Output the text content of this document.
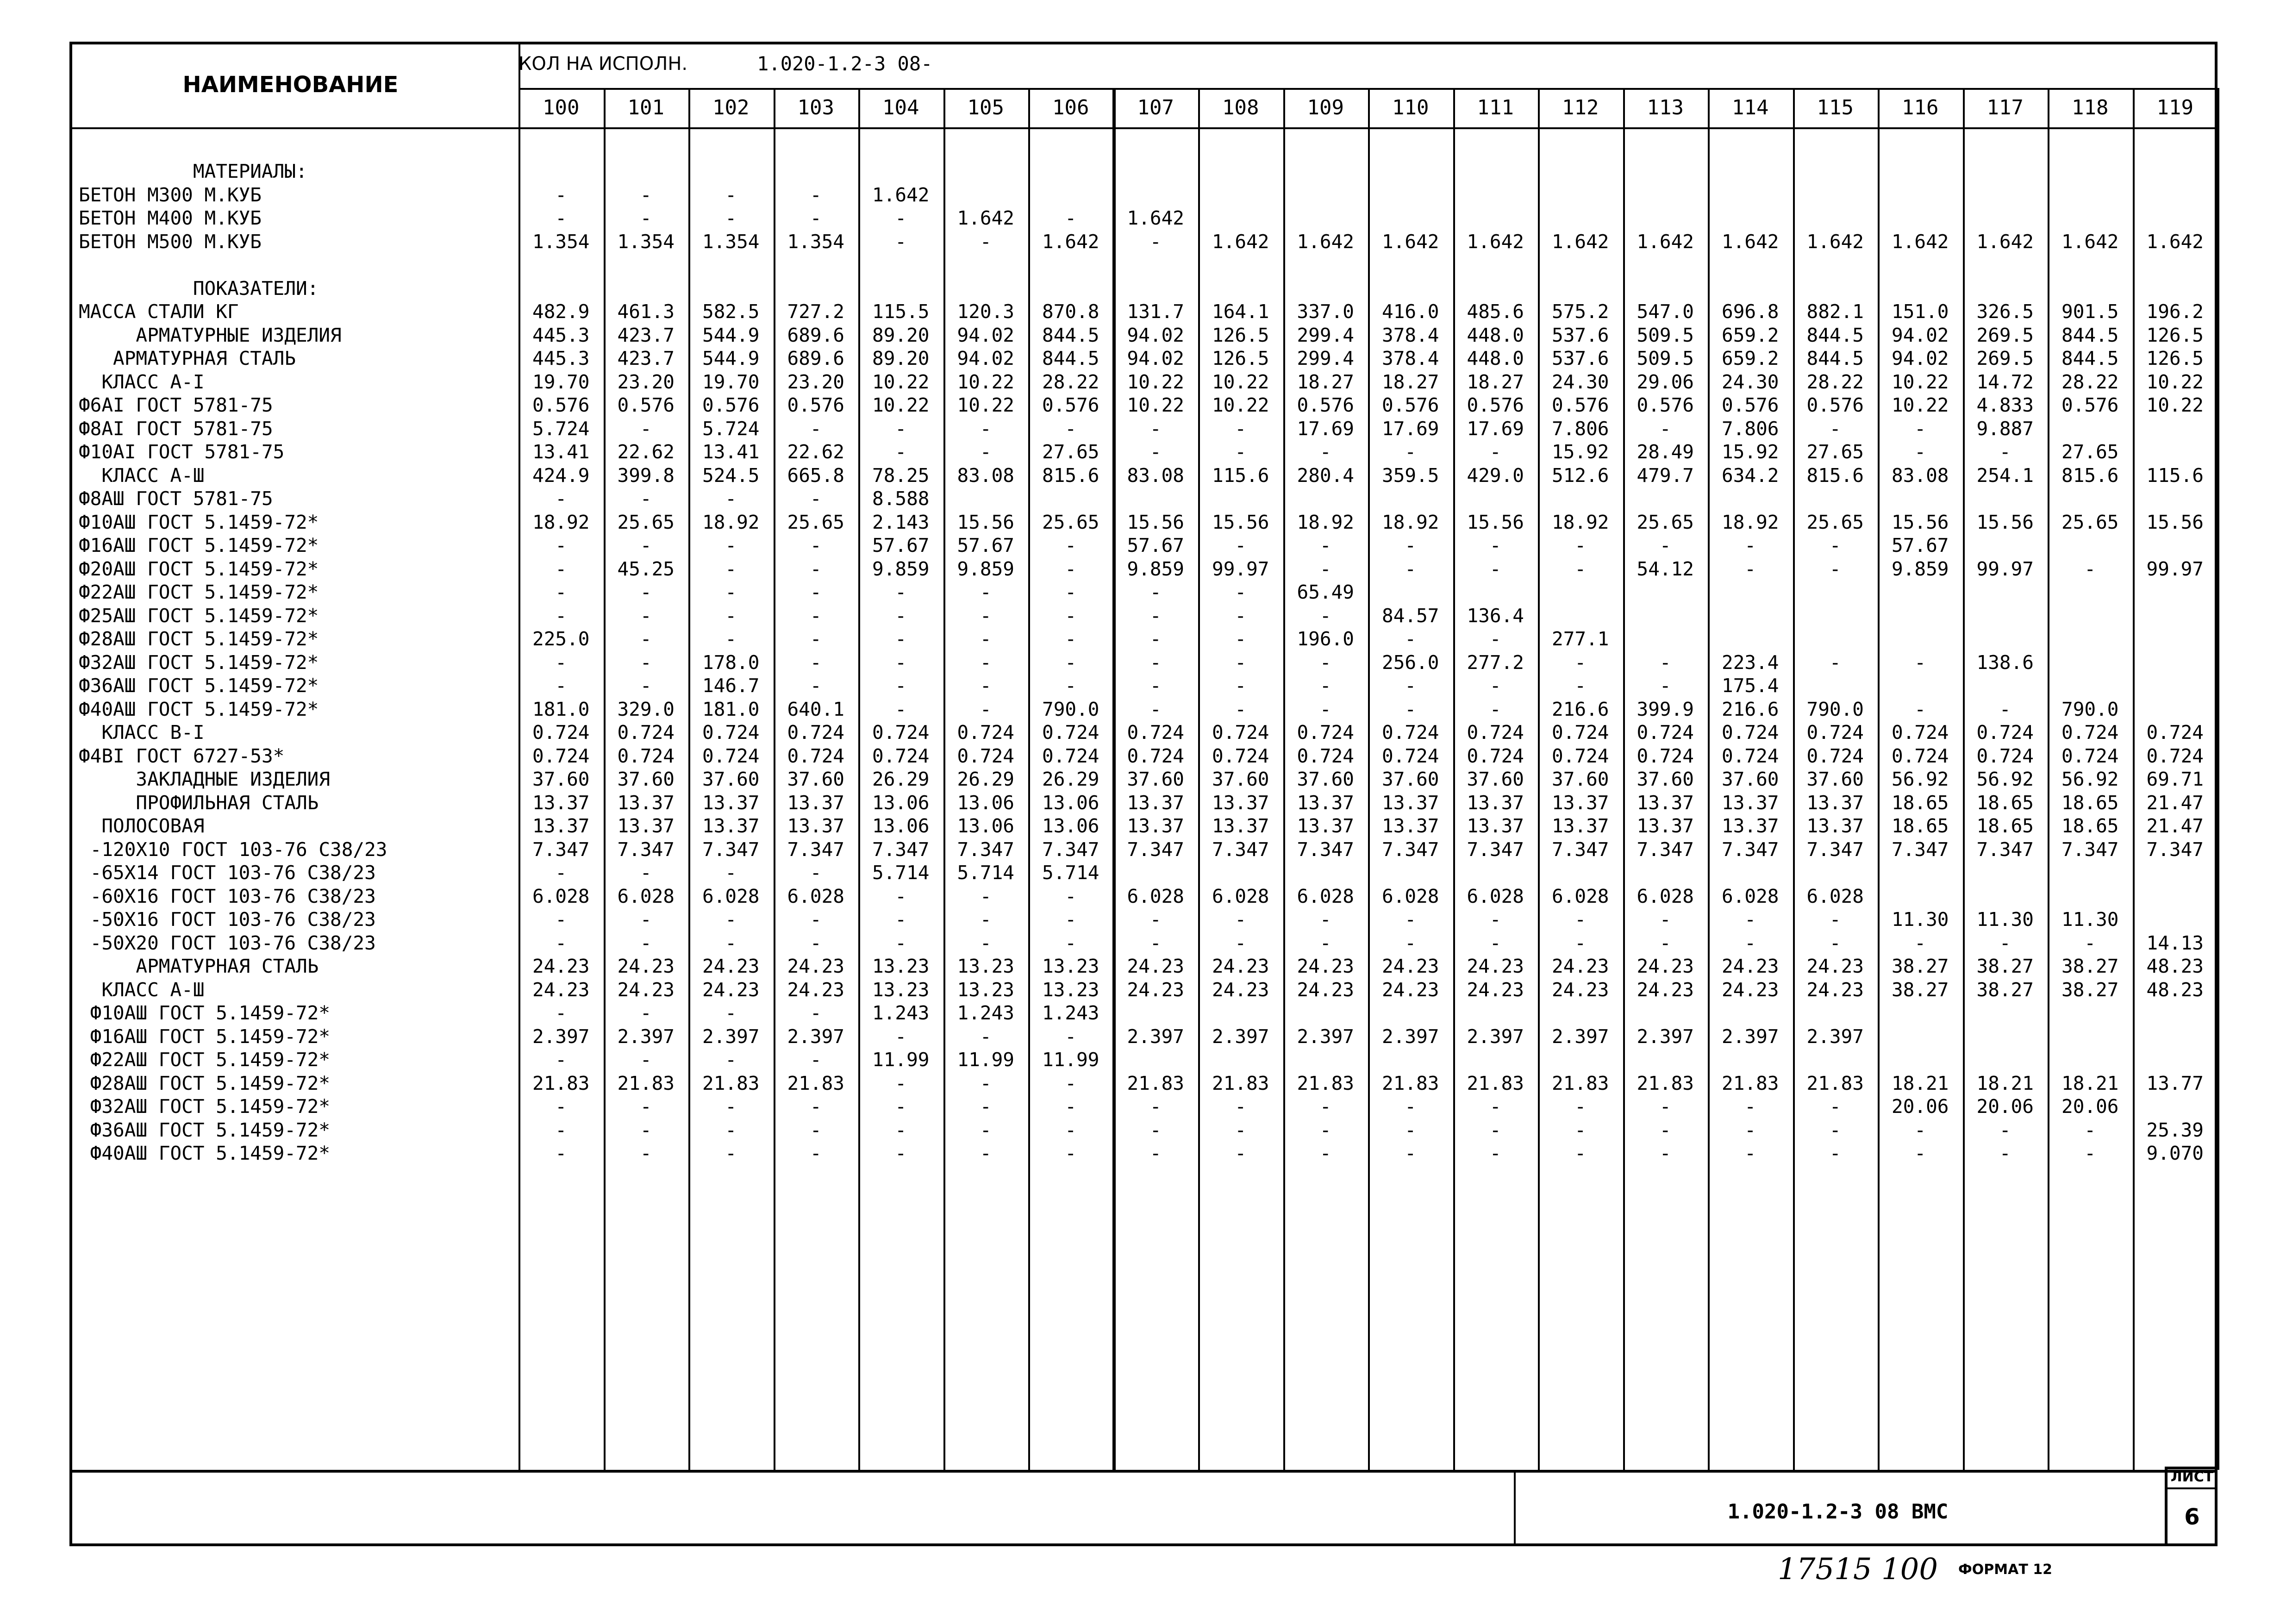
НАИМЕНОВАНИЕ
КОЛ НА ИСПОЛН.	1.020-1.2-3 08-
100	101	102	103	104	105	106	107	108	109	110	111	112	113	114	115	116	117	118	119
МАТЕРИАЛЫ:
БЕТОН М300 М.КУБ	-	-	-	-	1.642
БЕТОН М400 М.КУБ	-	-	-	-	-	1.642	-	1.642
БЕТОН М500 М.КУБ	1.354	1.354	1.354	1.354	-	-	1.642	-	1.642	1.642	1.642	1.642	1.642	1.642	1.642	1.642	1.642	1.642	1.642	1.642
ПОКАЗАТЕЛИ:
МАССА СТАЛИ КГ	482.9	461.3	582.5	727.2	115.5	120.3	870.8	131.7	164.1	337.0	416.0	485.6	575.2	547.0	696.8	882.1	151.0	326.5	901.5	196.2
АРМАТУРНЫЕ ИЗДЕЛИЯ	445.3	423.7	544.9	689.6	89.20	94.02	844.5	94.02	126.5	299.4	378.4	448.0	537.6	509.5	659.2	844.5	94.02	269.5	844.5	126.5
АРМАТУРНАЯ СТАЛЬ	445.3	423.7	544.9	689.6	89.20	94.02	844.5	94.02	126.5	299.4	378.4	448.0	537.6	509.5	659.2	844.5	94.02	269.5	844.5	126.5
КЛАСС А-I	19.70	23.20	19.70	23.20	10.22	10.22	28.22	10.22	10.22	18.27	18.27	18.27	24.30	29.06	24.30	28.22	10.22	14.72	28.22	10.22
Ф6АI ГОСТ 5781-75	0.576	0.576	0.576	0.576	10.22	10.22	0.576	10.22	10.22	0.576	0.576	0.576	0.576	0.576	0.576	0.576	10.22	4.833	0.576	10.22
Ф8АI ГОСТ 5781-75	5.724	-	5.724	-	-	-	-	-	-	17.69	17.69	17.69	7.806	-	7.806	-	-	9.887
Ф10АI ГОСТ 5781-75	13.41	22.62	13.41	22.62	-	-	27.65	-	-	-	-	-	15.92	28.49	15.92	27.65	-	-	27.65
КЛАСС А-Ш	424.9	399.8	524.5	665.8	78.25	83.08	815.6	83.08	115.6	280.4	359.5	429.0	512.6	479.7	634.2	815.6	83.08	254.1	815.6	115.6
Ф8АШ ГОСТ 5781-75	-	-	-	-	8.588
Ф10АШ ГОСТ 5.1459-72*	18.92	25.65	18.92	25.65	2.143	15.56	25.65	15.56	15.56	18.92	18.92	15.56	18.92	25.65	18.92	25.65	15.56	15.56	25.65	15.56
Ф16АШ ГОСТ 5.1459-72*	-	-	-	-	57.67	57.67	-	57.67	-	-	-	-	-	-	-	-	57.67
Ф20АШ ГОСТ 5.1459-72*	-	45.25	-	-	9.859	9.859	-	9.859	99.97	-	-	-	-	54.12	-	-	9.859	99.97	-	99.97
Ф22АШ ГОСТ 5.1459-72*	-	-	-	-	-	-	-	-	-	65.49
Ф25АШ ГОСТ 5.1459-72*	-	-	-	-	-	-	-	-	-	-	84.57	136.4
Ф28АШ ГОСТ 5.1459-72*	225.0	-	-	-	-	-	-	-	-	196.0	-	-	277.1
Ф32АШ ГОСТ 5.1459-72*	-	-	178.0	-	-	-	-	-	-	-	256.0	277.2	-	-	223.4	-	-	138.6
Ф36АШ ГОСТ 5.1459-72*	-	-	146.7	-	-	-	-	-	-	-	-	-	-	-	175.4
Ф40АШ ГОСТ 5.1459-72*	181.0	329.0	181.0	640.1	-	-	790.0	-	-	-	-	-	216.6	399.9	216.6	790.0	-	-	790.0
КЛАСС В-I	0.724	0.724	0.724	0.724	0.724	0.724	0.724	0.724	0.724	0.724	0.724	0.724	0.724	0.724	0.724	0.724	0.724	0.724	0.724	0.724
Ф4ВI ГОСТ 6727-53*	0.724	0.724	0.724	0.724	0.724	0.724	0.724	0.724	0.724	0.724	0.724	0.724	0.724	0.724	0.724	0.724	0.724	0.724	0.724	0.724
ЗАКЛАДНЫЕ ИЗДЕЛИЯ	37.60	37.60	37.60	37.60	26.29	26.29	26.29	37.60	37.60	37.60	37.60	37.60	37.60	37.60	37.60	37.60	56.92	56.92	56.92	69.71
ПРОФИЛЬНАЯ СТАЛЬ	13.37	13.37	13.37	13.37	13.06	13.06	13.06	13.37	13.37	13.37	13.37	13.37	13.37	13.37	13.37	13.37	18.65	18.65	18.65	21.47
ПОЛОСОВАЯ	13.37	13.37	13.37	13.37	13.06	13.06	13.06	13.37	13.37	13.37	13.37	13.37	13.37	13.37	13.37	13.37	18.65	18.65	18.65	21.47
-120Х10 ГОСТ 103-76 С38/23	7.347	7.347	7.347	7.347	7.347	7.347	7.347	7.347	7.347	7.347	7.347	7.347	7.347	7.347	7.347	7.347	7.347	7.347	7.347	7.347
-65Х14 ГОСТ 103-76 С38/23	-	-	-	-	5.714	5.714	5.714
-60Х16 ГОСТ 103-76 С38/23	6.028	6.028	6.028	6.028	-	-	-	6.028	6.028	6.028	6.028	6.028	6.028	6.028	6.028	6.028
-50Х16 ГОСТ 103-76 С38/23	-	-	-	-	-	-	-	-	-	-	-	-	-	-	-	-	11.30	11.30	11.30
-50Х20 ГОСТ 103-76 С38/23	-	-	-	-	-	-	-	-	-	-	-	-	-	-	-	-	-	-	-	14.13
АРМАТУРНАЯ СТАЛЬ	24.23	24.23	24.23	24.23	13.23	13.23	13.23	24.23	24.23	24.23	24.23	24.23	24.23	24.23	24.23	24.23	38.27	38.27	38.27	48.23
КЛАСС А-Ш	24.23	24.23	24.23	24.23	13.23	13.23	13.23	24.23	24.23	24.23	24.23	24.23	24.23	24.23	24.23	24.23	38.27	38.27	38.27	48.23
Ф10АШ ГОСТ 5.1459-72*	-	-	-	-	1.243	1.243	1.243
Ф16АШ ГОСТ 5.1459-72*	2.397	2.397	2.397	2.397	-	-	-	2.397	2.397	2.397	2.397	2.397	2.397	2.397	2.397	2.397
Ф22АШ ГОСТ 5.1459-72*	-	-	-	-	11.99	11.99	11.99
Ф28АШ ГОСТ 5.1459-72*	21.83	21.83	21.83	21.83	-	-	-	21.83	21.83	21.83	21.83	21.83	21.83	21.83	21.83	21.83	18.21	18.21	18.21	13.77
Ф32АШ ГОСТ 5.1459-72*	-	-	-	-	-	-	-	-	-	-	-	-	-	-	-	-	20.06	20.06	20.06
Ф36АШ ГОСТ 5.1459-72*	-	-	-	-	-	-	-	-	-	-	-	-	-	-	-	-	-	-	-	25.39
Ф40АШ ГОСТ 5.1459-72*	-	-	-	-	-	-	-	-	-	-	-	-	-	-	-	-	-	-	-	9.070
1.020-1.2-3 08 ВМС
ЛИСТ
6
17515 100 ФОРМАТ 12
